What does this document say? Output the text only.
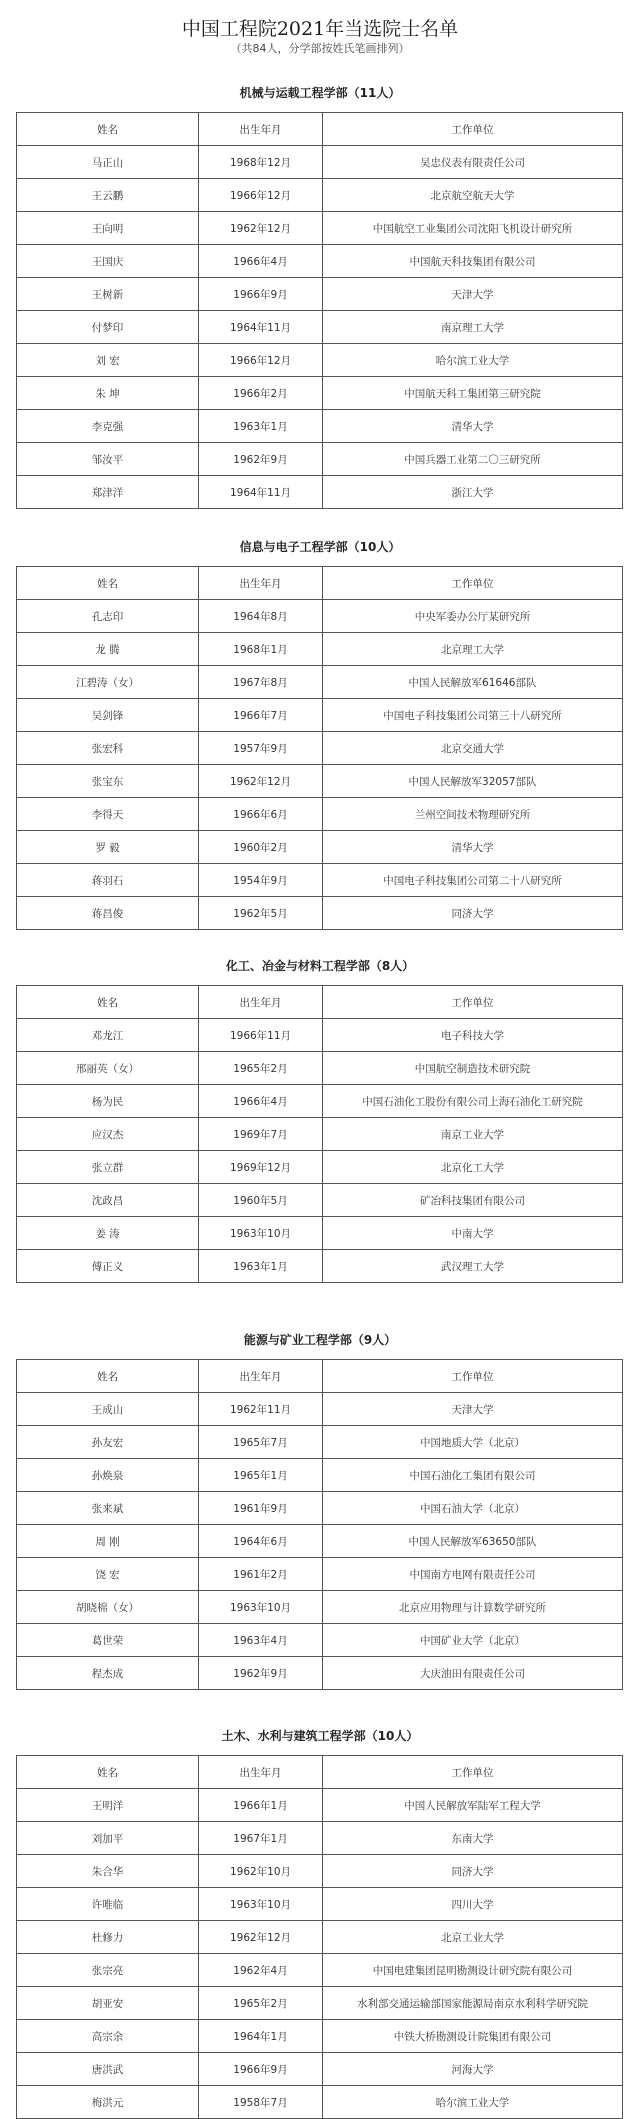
中国工程院2021年当选院士名单
（共84人，分学部按姓氏笔画排列）
机械与运载工程学部（11人）
姓名	出生年月	工作单位
马正山	1968年12月	吴忠仪表有限责任公司
王云鹏	1966年12月	北京航空航天大学
王向明	1962年12月	中国航空工业集团公司沈阳飞机设计研究所
王国庆	1966年4月	中国航天科技集团有限公司
王树新	1966年9月	天津大学
付梦印	1964年11月	南京理工大学
刘 宏	1966年12月	哈尔滨工业大学
朱 坤	1966年2月	中国航天科工集团第三研究院
李克强	1963年1月	清华大学
邹汝平	1962年9月	中国兵器工业第二〇三研究所
郑津洋	1964年11月	浙江大学
信息与电子工程学部（10人）
姓名	出生年月	工作单位
孔志印	1964年8月	中央军委办公厅某研究所
龙 腾	1968年1月	北京理工大学
江碧涛（女）	1967年8月	中国人民解放军61646部队
吴剑锋	1966年7月	中国电子科技集团公司第三十八研究所
张宏科	1957年9月	北京交通大学
张宝东	1962年12月	中国人民解放军32057部队
李得天	1966年6月	兰州空间技术物理研究所
罗 毅	1960年2月	清华大学
蒋羽石	1954年9月	中国电子科技集团公司第二十八研究所
蒋昌俊	1962年5月	同济大学
化工、冶金与材料工程学部（8人）
姓名	出生年月	工作单位
邓龙江	1966年11月	电子科技大学
邢丽英（女）	1965年2月	中国航空制造技术研究院
杨为民	1966年4月	中国石油化工股份有限公司上海石油化工研究院
应汉杰	1969年7月	南京工业大学
张立群	1969年12月	北京化工大学
沈政昌	1960年5月	矿冶科技集团有限公司
姜 涛	1963年10月	中南大学
傅正义	1963年1月	武汉理工大学
能源与矿业工程学部（9人）
姓名	出生年月	工作单位
王成山	1962年11月	天津大学
孙友宏	1965年7月	中国地质大学（北京）
孙焕泉	1965年1月	中国石油化工集团有限公司
张来斌	1961年9月	中国石油大学（北京）
周 刚	1964年6月	中国人民解放军63650部队
饶 宏	1961年2月	中国南方电网有限责任公司
胡晓棉（女）	1963年10月	北京应用物理与计算数学研究所
葛世荣	1963年4月	中国矿业大学（北京）
程杰成	1962年9月	大庆油田有限责任公司
土木、水利与建筑工程学部（10人）
姓名	出生年月	工作单位
王明洋	1966年1月	中国人民解放军陆军工程大学
刘加平	1967年1月	东南大学
朱合华	1962年10月	同济大学
许唯临	1963年10月	四川大学
杜修力	1962年12月	北京工业大学
张宗亮	1962年4月	中国电建集团昆明勘测设计研究院有限公司
胡亚安	1965年2月	水利部交通运输部国家能源局南京水利科学研究院
高宗余	1964年1月	中铁大桥勘测设计院集团有限公司
唐洪武	1966年9月	河海大学
梅洪元	1958年7月	哈尔滨工业大学
